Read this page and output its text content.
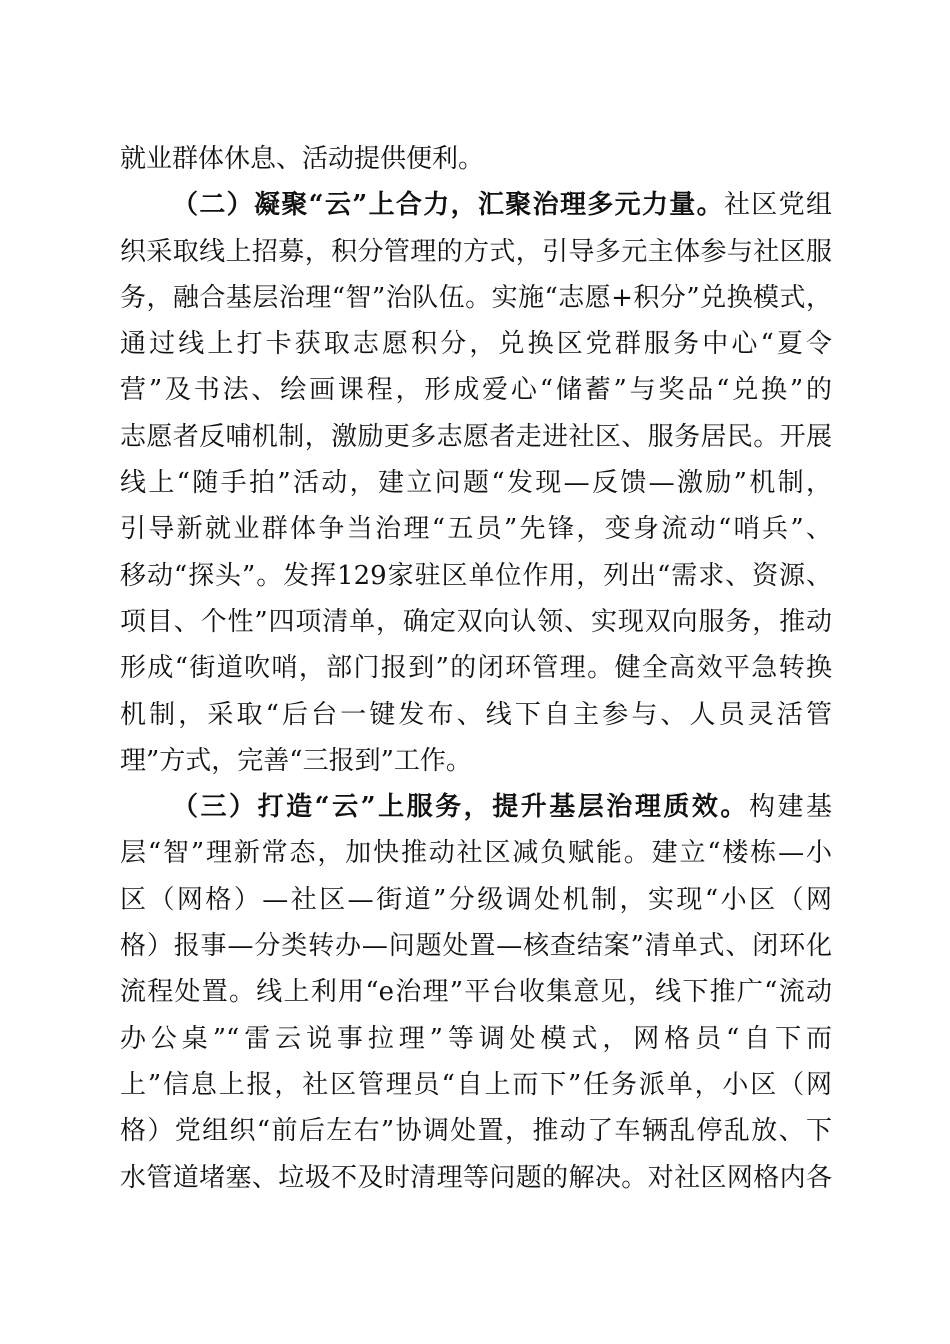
就业群体休息、活动提供便利。
（二）凝聚“云”上合力，汇聚治理多元力量。社区党组
织采取线上招募，积分管理的方式，引导多元主体参与社区服
务，融合基层治理“智”治队伍。实施“志愿+积分”兑换模式，
通过线上打卡获取志愿积分，兑换区党群服务中心“夏令
营”及书法、绘画课程，形成爱心“储蓄”与奖品“兑换”的
志愿者反哺机制，激励更多志愿者走进社区、服务居民。开展
线上“随手拍”活动，建立问题“发现—反馈—激励”机制，
引导新就业群体争当治理“五员”先锋，变身流动“哨兵”、
移动“探头”。发挥129家驻区单位作用，列出“需求、资源、
项目、个性”四项清单，确定双向认领、实现双向服务，推动
形成“街道吹哨，部门报到”的闭环管理。健全高效平急转换
机制，采取“后台一键发布、线下自主参与、人员灵活管
理”方式，完善“三报到”工作。
（三）打造“云”上服务，提升基层治理质效。构建基
层“智”理新常态，加快推动社区减负赋能。建立“楼栋—小
区（网格）—社区—街道”分级调处机制，实现“小区（网
格）报事—分类转办—问题处置—核查结案”清单式、闭环化
流程处置。线上利用“e治理”平台收集意见，线下推广“流动
办公桌”“雷云说事拉理”等调处模式，网格员“自下而
上”信息上报，社区管理员“自上而下”任务派单，小区（网
格）党组织“前后左右”协调处置，推动了车辆乱停乱放、下
水管道堵塞、垃圾不及时清理等问题的解决。对社区网格内各
